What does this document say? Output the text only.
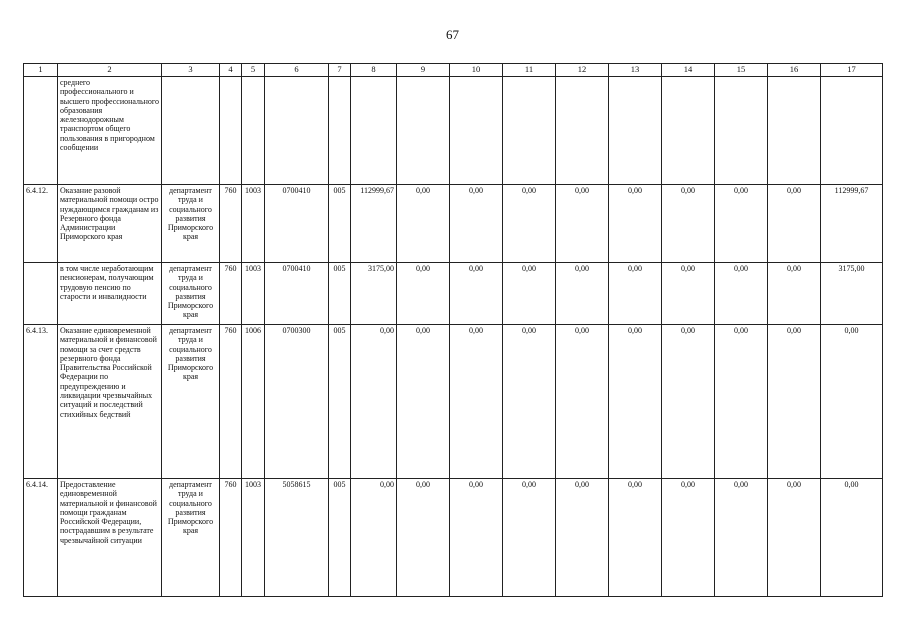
67
1	2	3	4	5	6	7	8	9	10	11	12	13	14	15	16	17
	среднего профессионального и высшего профессионального образования железнодорожным транспортом общего пользования в пригородном сообщении															
6.4.12.	Оказание разовой материальной помощи остро нуждающимся гражданам из Резервного фонда Администрации Приморского края	департамент труда и социального развития Приморского края	760	1003	0700410	005	112999,67	0,00	0,00	0,00	0,00	0,00	0,00	0,00	0,00	112999,67
	в том числе неработающим пенсионерам, получающим трудовую пенсию по старости и инвалидности	департамент труда и социального развития Приморского края	760	1003	0700410	005	3175,00	0,00	0,00	0,00	0,00	0,00	0,00	0,00	0,00	3175,00
6.4.13.	Оказание единовременной материальной и финансовой помощи за счет средств резервного фонда Правительства Российской Федерации по предупреждению и ликвидации чрезвычайных ситуаций и последствий стихийных бедствий	департамент труда и социального развития Приморского края	760	1006	0700300	005	0,00	0,00	0,00	0,00	0,00	0,00	0,00	0,00	0,00	0,00
6.4.14.	Предоставление единовременной материальной и финансовой помощи гражданам Российской Федерации, пострадавшим в результате чрезвычайной ситуации	департамент труда и социального развития Приморского края	760	1003	5058615	005	0,00	0,00	0,00	0,00	0,00	0,00	0,00	0,00	0,00	0,00
